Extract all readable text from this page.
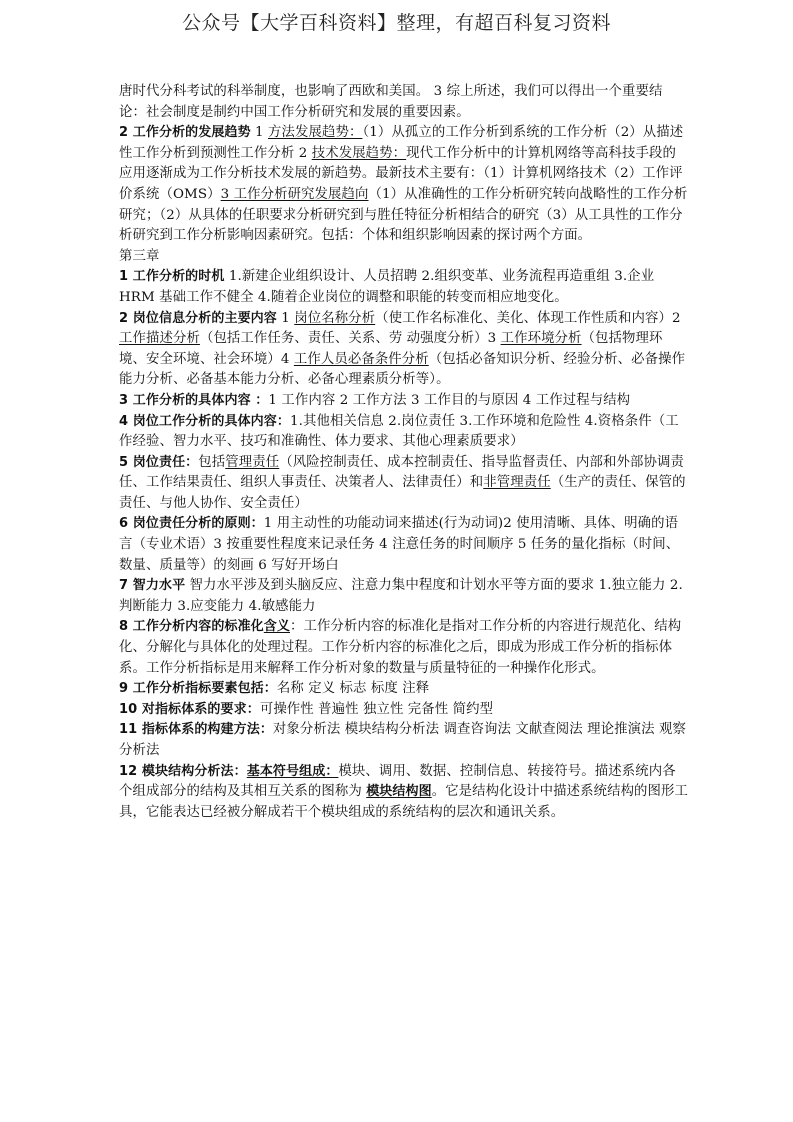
公众号【大学百科资料】整理，有超百科复习资料

唐时代分科考试的科举制度，也影响了西欧和美国。 3 综上所述，我们可以得出一个重要结论：社会制度是制约中国工作分析研究和发展的重要因素。

2 工作分析的发展趋势 1 方法发展趋势：（1）从孤立的工作分析到系统的工作分析（2）从描述性工作分析到预测性工作分析 2 技术发展趋势：现代工作分析中的计算机网络等高科技手段的应用逐渐成为工作分析技术发展的新趋势。最新技术主要有：（1）计算机网络技术（2）工作评价系统（OMS）3 工作分析研究发展趋向（1）从准确性的工作分析研究转向战略性的工作分析研究；（2）从具体的任职要求分析研究到与胜任特征分析相结合的研究（3）从工具性的工作分析研究到工作分析影响因素研究。包括：个体和组织影响因素的探讨两个方面。

第三章

1 工作分析的时机 1.新建企业组织设计、人员招聘 2.组织变革、业务流程再造重组 3.企业 HRM 基础工作不健全 4.随着企业岗位的调整和职能的转变而相应地变化。

2 岗位信息分析的主要内容 1 岗位名称分析（使工作名标准化、美化、体现工作性质和内容）2 工作描述分析（包括工作任务、责任、关系、劳 动强度分析）3 工作环境分析（包括物理环境、安全环境、社会环境）4 工作人员必备条件分析（包括必备知识分析、经验分析、必备操作能力分析、必备基本能力分析、必备心理素质分析等）。

3 工作分析的具体内容 ：1 工作内容 2 工作方法 3 工作目的与原因 4 工作过程与结构

4 岗位工作分析的具体内容：1.其他相关信息 2.岗位责任 3.工作环境和危险性 4.资格条件（工作经验、智力水平、技巧和准确性、体力要求、其他心理素质要求）

5 岗位责任：包括管理责任（风险控制责任、成本控制责任、指导监督责任、内部和外部协调责任、工作结果责任、组织人事责任、决策者人、法律责任）和非管理责任（生产的责任、保管的责任、与他人协作、安全责任）

6 岗位责任分析的原则：1 用主动性的功能动词来描述(行为动词)2 使用清晰、具体、明确的语言（专业术语）3 按重要性程度来记录任务 4 注意任务的时间顺序 5 任务的量化指标（时间、数量、质量等）的刻画 6 写好开场白

7 智力水平 智力水平涉及到头脑反应、注意力集中程度和计划水平等方面的要求 1.独立能力 2.判断能力 3.应变能力 4.敏感能力

8 工作分析内容的标准化含义：工作分析内容的标准化是指对工作分析的内容进行规范化、结构化、分解化与具体化的处理过程。工作分析内容的标准化之后，即成为形成工作分析的指标体系。工作分析指标是用来解释工作分析对象的数量与质量特征的一种操作化形式。

9 工作分析指标要素包括：名称 定义 标志 标度 注释

10 对指标体系的要求：可操作性 普遍性 独立性 完备性 简约型

11 指标体系的构建方法：对象分析法 模块结构分析法 调查咨询法 文献查阅法 理论推演法 观察分析法

12 模块结构分析法：基本符号组成：模块、调用、数据、控制信息、转接符号。描述系统内各个组成部分的结构及其相互关系的图称为 模块结构图。它是结构化设计中描述系统结构的图形工具，它能表达已经被分解成若干个模块组成的系统结构的层次和通讯关系。
